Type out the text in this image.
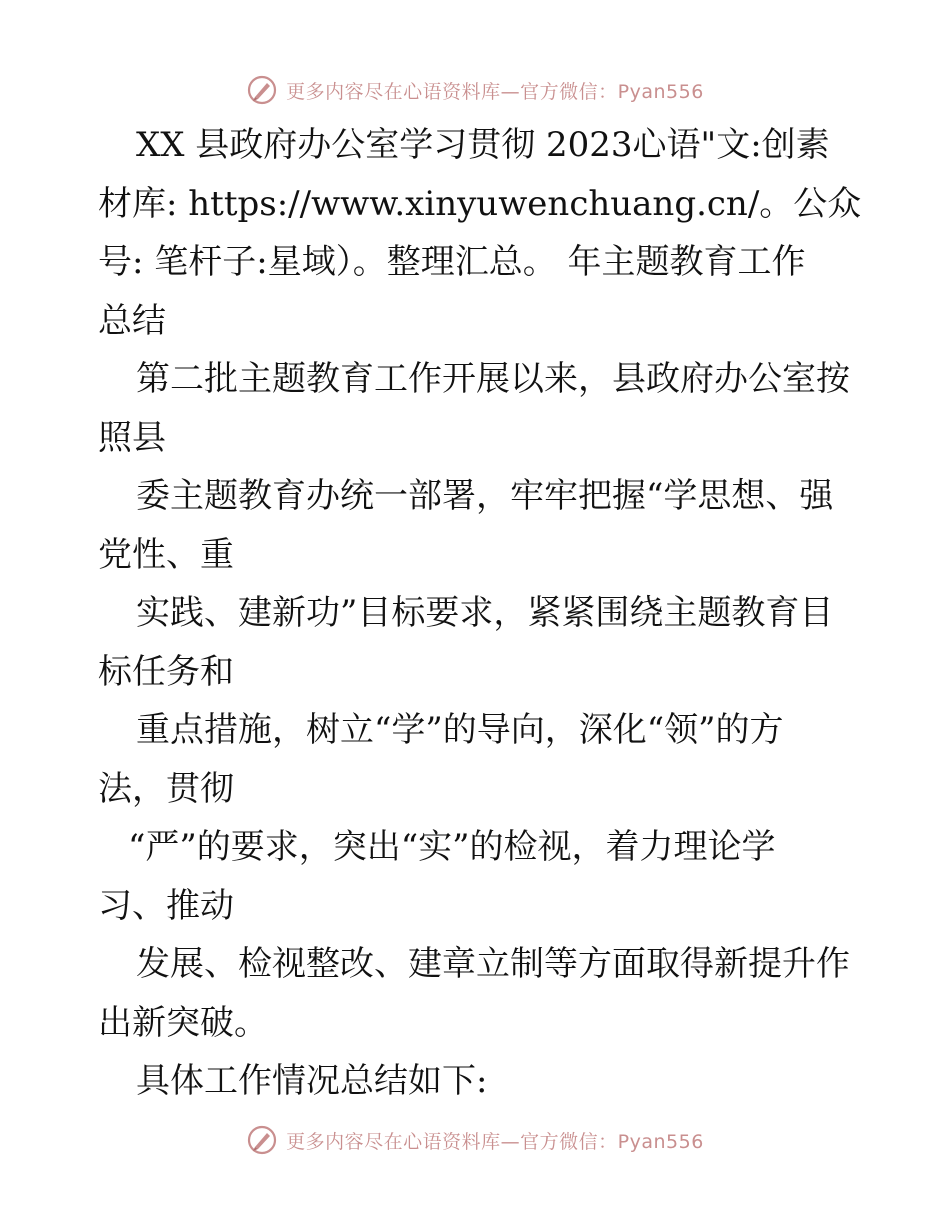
更多内容尽在心语资料库—官方微信：Pyan556
XX 县政府办公室学习贯彻 2023心语"文:创素
材库: https://www.xinyuwenchuang.cn/。公众
号: 笔杆子:星域）。整理汇总。 年主题教育工作
总结
第二批主题教育工作开展以来，县政府办公室按
照县
委主题教育办统一部署，牢牢把握“学思想、强
党性、重
实践、建新功”目标要求，紧紧围绕主题教育目
标任务和
重点措施，树立“学”的导向，深化“领”的方
法，贯彻
“严”的要求，突出“实”的检视，着力理论学
习、推动
发展、检视整改、建章立制等方面取得新提升作
出新突破。
具体工作情况总结如下:
更多内容尽在心语资料库—官方微信：Pyan556
